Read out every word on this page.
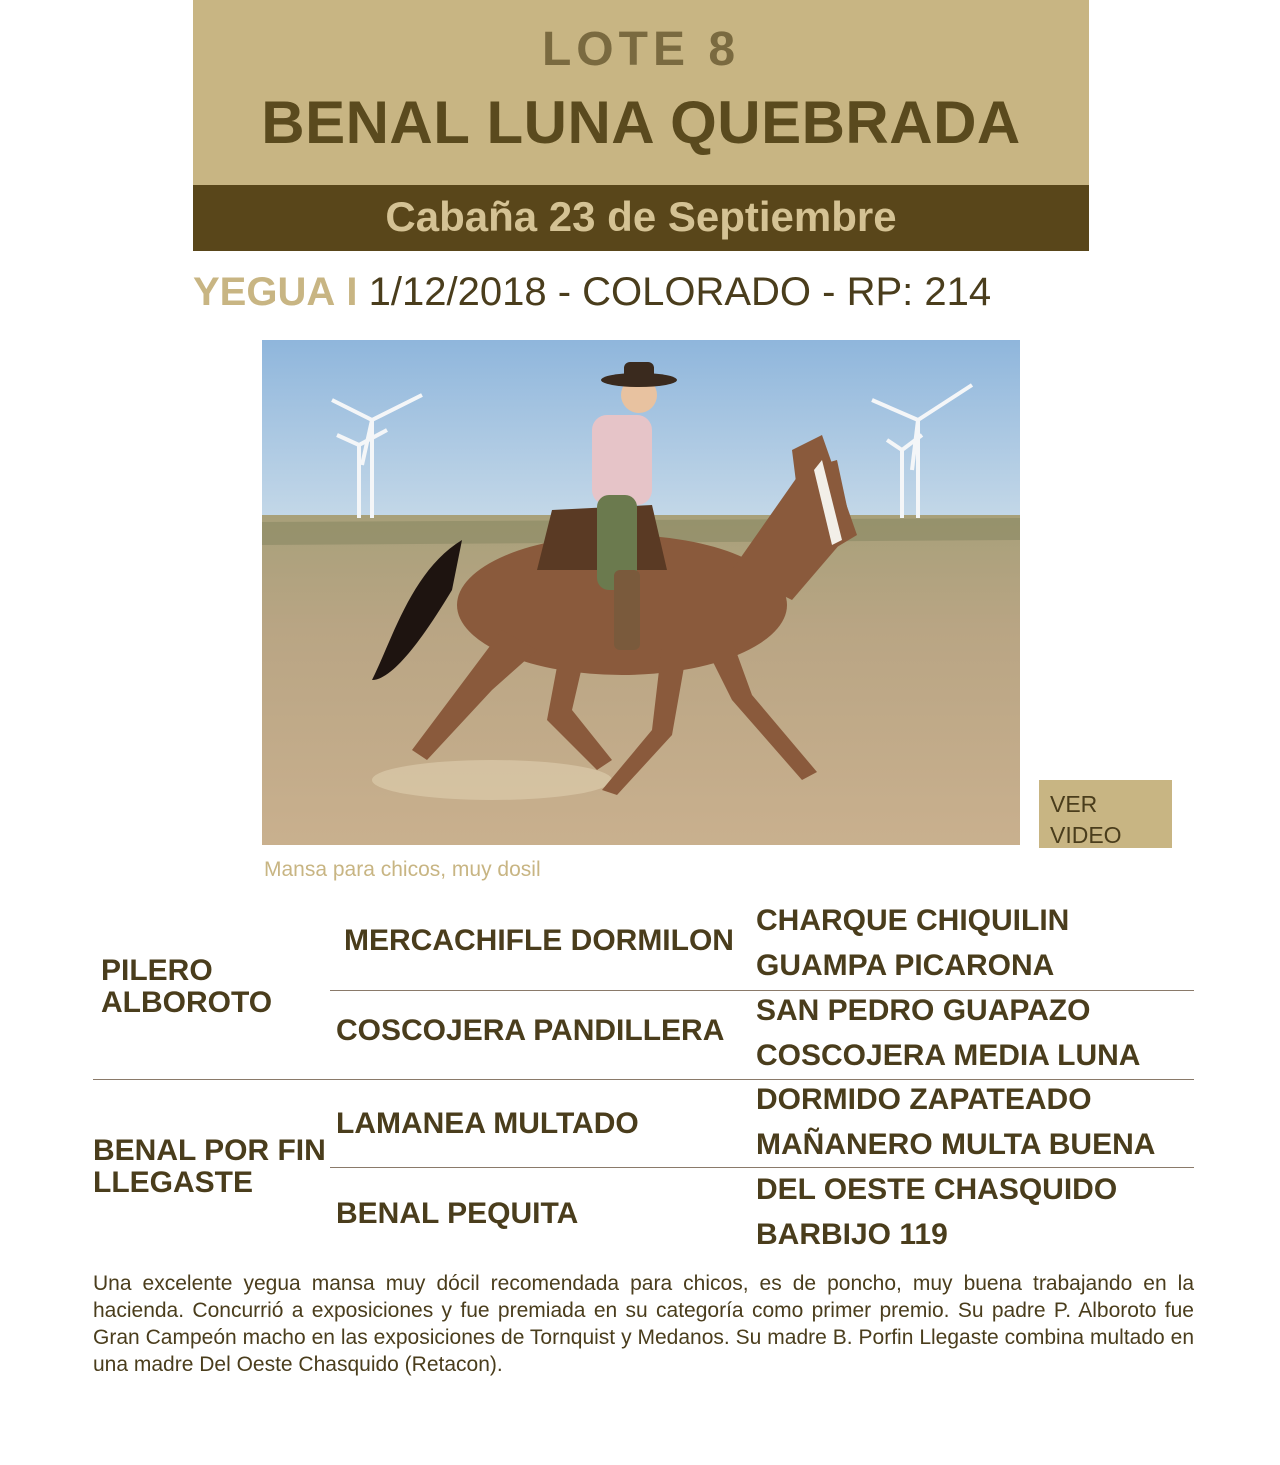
LOTE 8
BENAL LUNA QUEBRADA
Cabaña 23 de Septiembre
YEGUA I 1/12/2018 - COLORADO - RP: 214
VER VIDEO
Mansa para chicos, muy dosil
PILERO ALBOROTO
MERCACHIFLE DORMILON
CHARQUE CHIQUILIN
GUAMPA PICARONA
COSCOJERA PANDILLERA
SAN PEDRO GUAPAZO
COSCOJERA MEDIA LUNA
BENAL POR FIN LLEGASTE
LAMANEA MULTADO
DORMIDO ZAPATEADO
MAÑANERO MULTA BUENA
BENAL PEQUITA
DEL OESTE CHASQUIDO
BARBIJO 119
Una excelente yegua mansa muy dócil recomendada para chicos, es de poncho, muy buena trabajando en la hacienda. Concurrió a exposiciones y fue premiada en su categoría como primer premio. Su padre P. Alboroto fue Gran Campeón macho en las exposiciones de Tornquist y Medanos. Su madre B. Porfin Llegaste combina multado en una madre Del Oeste Chasquido (Retacon).
